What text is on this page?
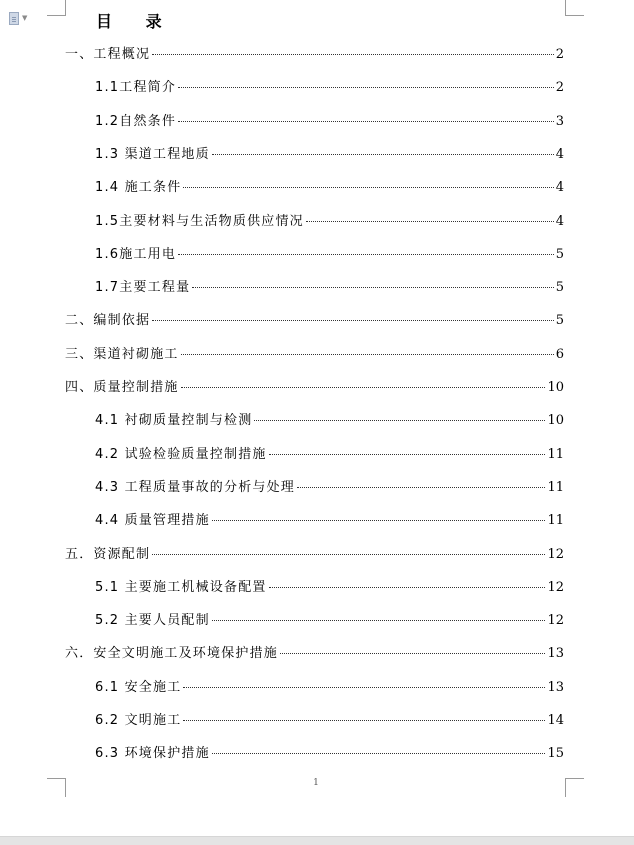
▼	目 录
一、工程概况	2
1.1工程简介	2
1.2自然条件	3
1.3 渠道工程地质	4
1.4 施工条件	4
1.5主要材料与生活物质供应情况	4
1.6施工用电	5
1.7主要工程量	5
二、编制依据	5
三、渠道衬砌施工	6
四、质量控制措施	10
4.1 衬砌质量控制与检测	10
4.2 试验检验质量控制措施	11
4.3 工程质量事故的分析与处理	11
4.4 质量管理措施	11
五．资源配制	12
5.1 主要施工机械设备配置	12
5.2 主要人员配制	12
六．安全文明施工及环境保护措施	13
6.1 安全施工	13
6.2 文明施工	14
6.3 环境保护措施	15
1
